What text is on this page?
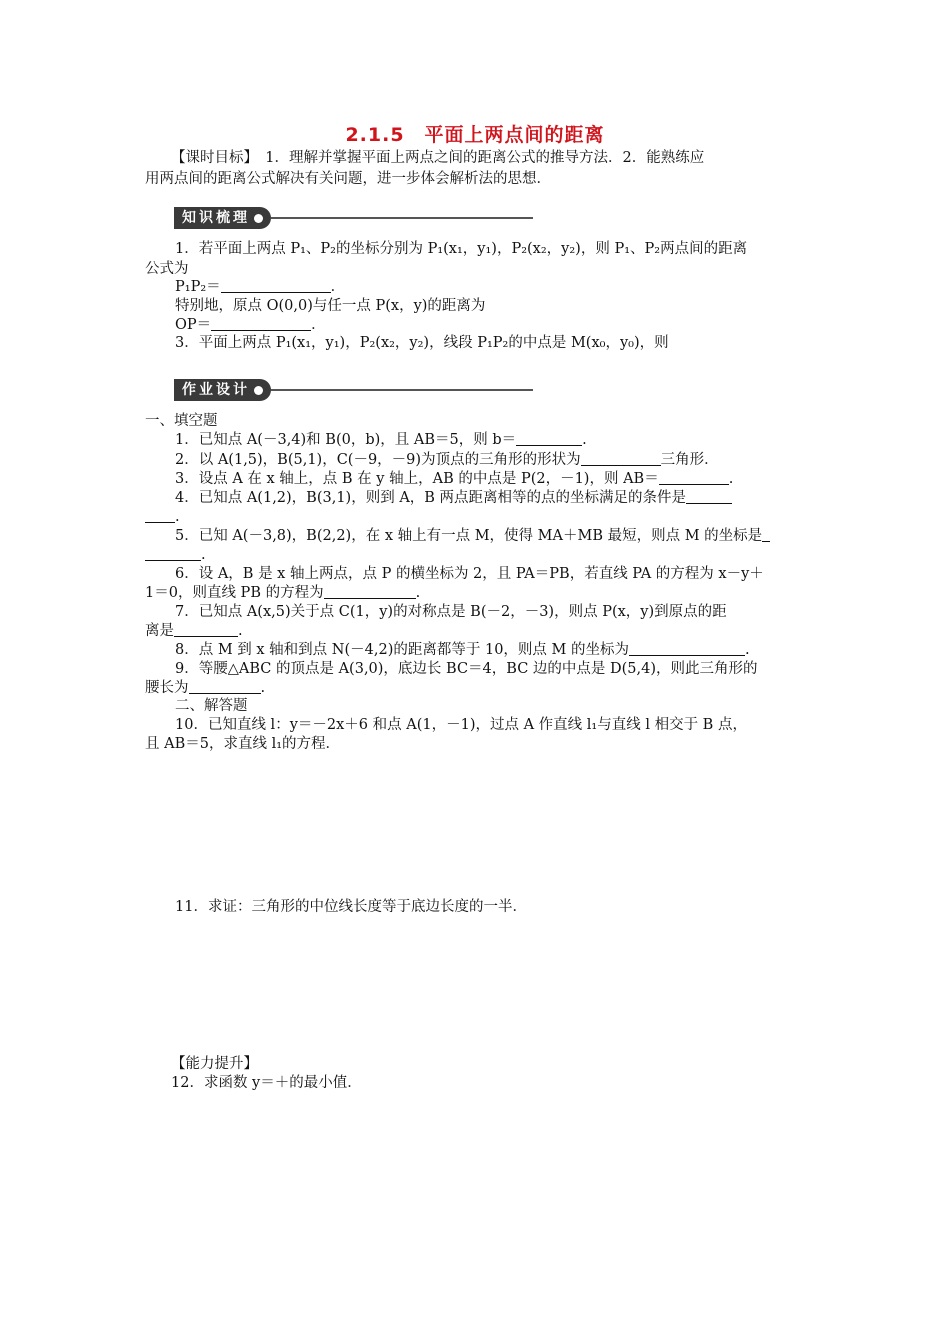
2.1.5　平面上两点间的距离
【课时目标】　1．理解并掌握平面上两点之间的距离公式的推导方法．2．能熟练应
用两点间的距离公式解决有关问题，进一步体会解析法的思想．
知识梳理
1．若平面上两点 P₁、P₂的坐标分别为 P₁(x₁，y₁)，P₂(x₂，y₂)，则 P₁、P₂两点间的距离
公式为
P₁P₂＝	．
特别地，原点 O(0,0)与任一点 P(x，y)的距离为
OP＝	．
3．平面上两点 P₁(x₁，y₁)，P₂(x₂，y₂)，线段 P₁P₂的中点是 M(x₀，y₀)，则
作业设计
一、填空题
1．已知点 A(－3,4)和 B(0，b)，且 AB＝5，则 b＝	.
2．以 A(1,5)，B(5,1)，C(－9，－9)为顶点的三角形的形状为	三角形．
3．设点 A 在 x 轴上，点 B 在 y 轴上，AB 的中点是 P(2，－1)，则 AB＝	.
4．已知点 A(1,2)，B(3,1)，则到 A，B 两点距离相等的点的坐标满足的条件是
.
5．已知 A(－3,8)，B(2,2)，在 x 轴上有一点 M，使得 MA＋MB 最短，则点 M 的坐标是
.
6．设 A，B 是 x 轴上两点，点 P 的横坐标为 2，且 PA＝PB，若直线 PA 的方程为 x－y＋
1＝0，则直线 PB 的方程为	.
7．已知点 A(x,5)关于点 C(1，y)的对称点是 B(－2，－3)，则点 P(x，y)到原点的距
离是	.
8．点 M 到 x 轴和到点 N(－4,2)的距离都等于 10，则点 M 的坐标为	.
9．等腰△ABC 的顶点是 A(3,0)，底边长 BC＝4，BC 边的中点是 D(5,4)，则此三角形的
腰长为	.
二、解答题
10．已知直线 l：y＝－2x＋6 和点 A(1，－1)，过点 A 作直线 l₁与直线 l 相交于 B 点，
且 AB＝5，求直线 l₁的方程．
11．求证：三角形的中位线长度等于底边长度的一半．
【能力提升】
12．求函数 y＝＋的最小值．
